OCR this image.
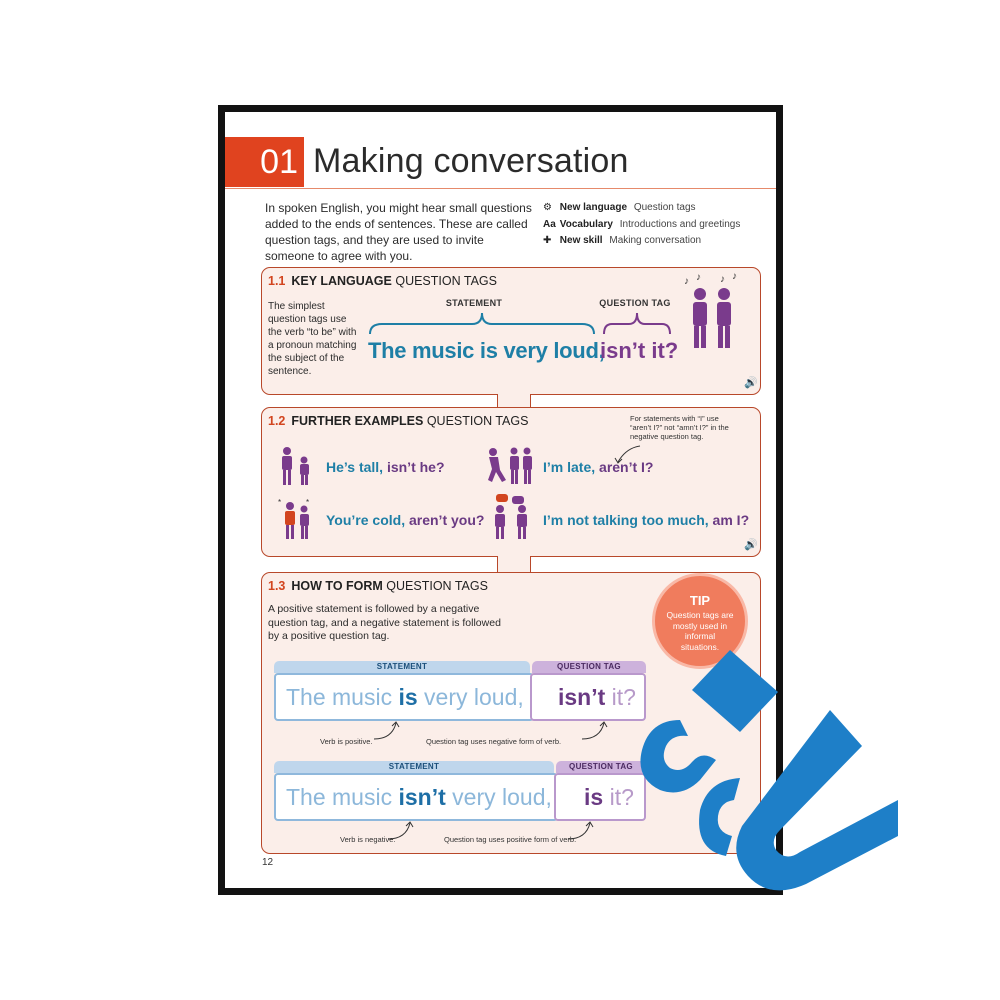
01 Making conversation
In spoken English, you might hear small questions added to the ends of sentences. These are called question tags, and they are used to invite someone to agree with you.
⚙ New language Question tags
Aa Vocabulary Introductions and greetings
✚ New skill Making conversation
1.1 KEY LANGUAGE QUESTION TAGS
The simplest question tags use the verb “to be” with a pronoun matching the subject of the sentence.
STATEMENT	QUESTION TAG
The music is very loud,
isn’t it?
♪ ♪ ♪ ♪
🔊
1.2 FURTHER EXAMPLES QUESTION TAGS	For statements with “I” use “aren’t I?” not “amn’t I?” in the negative question tag.
He’s tall, isn’t he?	I’m late, aren’t I?
*	*
You’re cold, aren’t you?	I’m not talking too much, am I?
🔊
1.3 HOW TO FORM QUESTION TAGS
A positive statement is followed by a negative question tag, and a negative statement is followed by a positive question tag.
TIP
Question tags are mostly used in informal situations.
STATEMENT	QUESTION TAG
The music is very loud, isn’t it?
Verb is positive.	Question tag uses negative form of verb.
STATEMENT	QUESTION TAG
The music isn’t very loud, is it?
Verb is negative.	Question tag uses positive form of verb.
12
